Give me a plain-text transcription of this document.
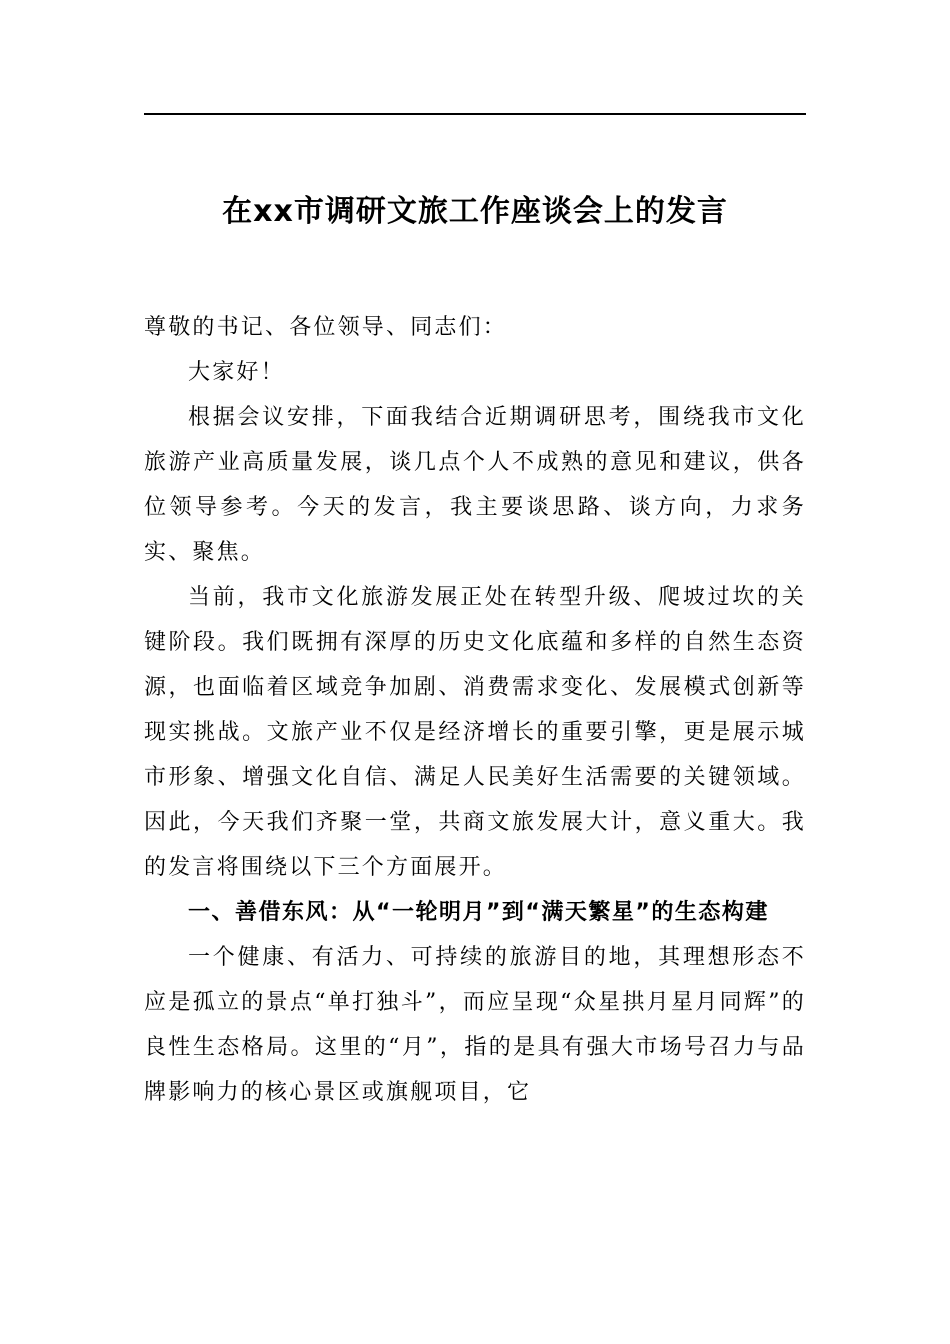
在xx市调研文旅工作座谈会上的发言

尊敬的书记、各位领导、同志们：

大家好！

根据会议安排，下面我结合近期调研思考，围绕我市文化旅游产业高质量发展，谈几点个人不成熟的意见和建议，供各位领导参考。今天的发言，我主要谈思路、谈方向，力求务实、聚焦。

当前，我市文化旅游发展正处在转型升级、爬坡过坎的关键阶段。我们既拥有深厚的历史文化底蕴和多样的自然生态资源，也面临着区域竞争加剧、消费需求变化、发展模式创新等现实挑战。文旅产业不仅是经济增长的重要引擎，更是展示城市形象、增强文化自信、满足人民美好生活需要的关键领域。因此，今天我们齐聚一堂，共商文旅发展大计，意义重大。我的发言将围绕以下三个方面展开。

一、善借东风：从“一轮明月”到“满天繁星”的生态构建

一个健康、有活力、可持续的旅游目的地，其理想形态不应是孤立的景点“单打独斗”，而应呈现“众星拱月星月同辉”的良性生态格局。这里的“月”，指的是具有强大市场号召力与品牌影响力的核心景区或旗舰项目，它
